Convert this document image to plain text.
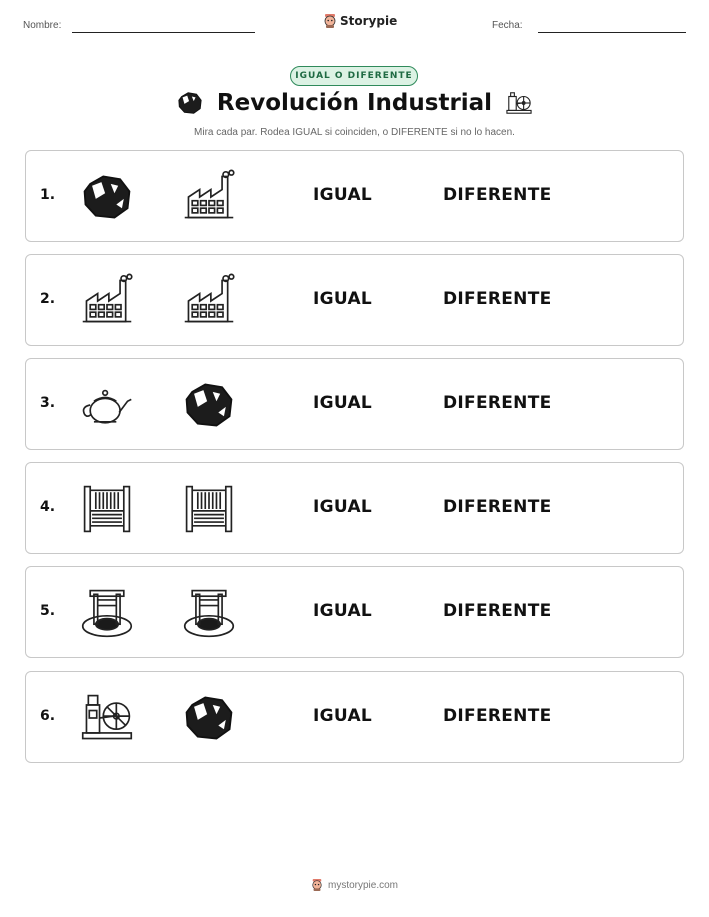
Nombre:	Storypie	Fecha:
IGUAL O DIFERENTE
Revolución Industrial
Mira cada par. Rodea IGUAL si coinciden, o DIFERENTE si no lo hacen.
1.	IGUAL	DIFERENTE
2.	IGUAL	DIFERENTE
3.	IGUAL	DIFERENTE
4.	IGUAL	DIFERENTE
5.	IGUAL	DIFERENTE
6.	IGUAL	DIFERENTE
mystorypie.com
